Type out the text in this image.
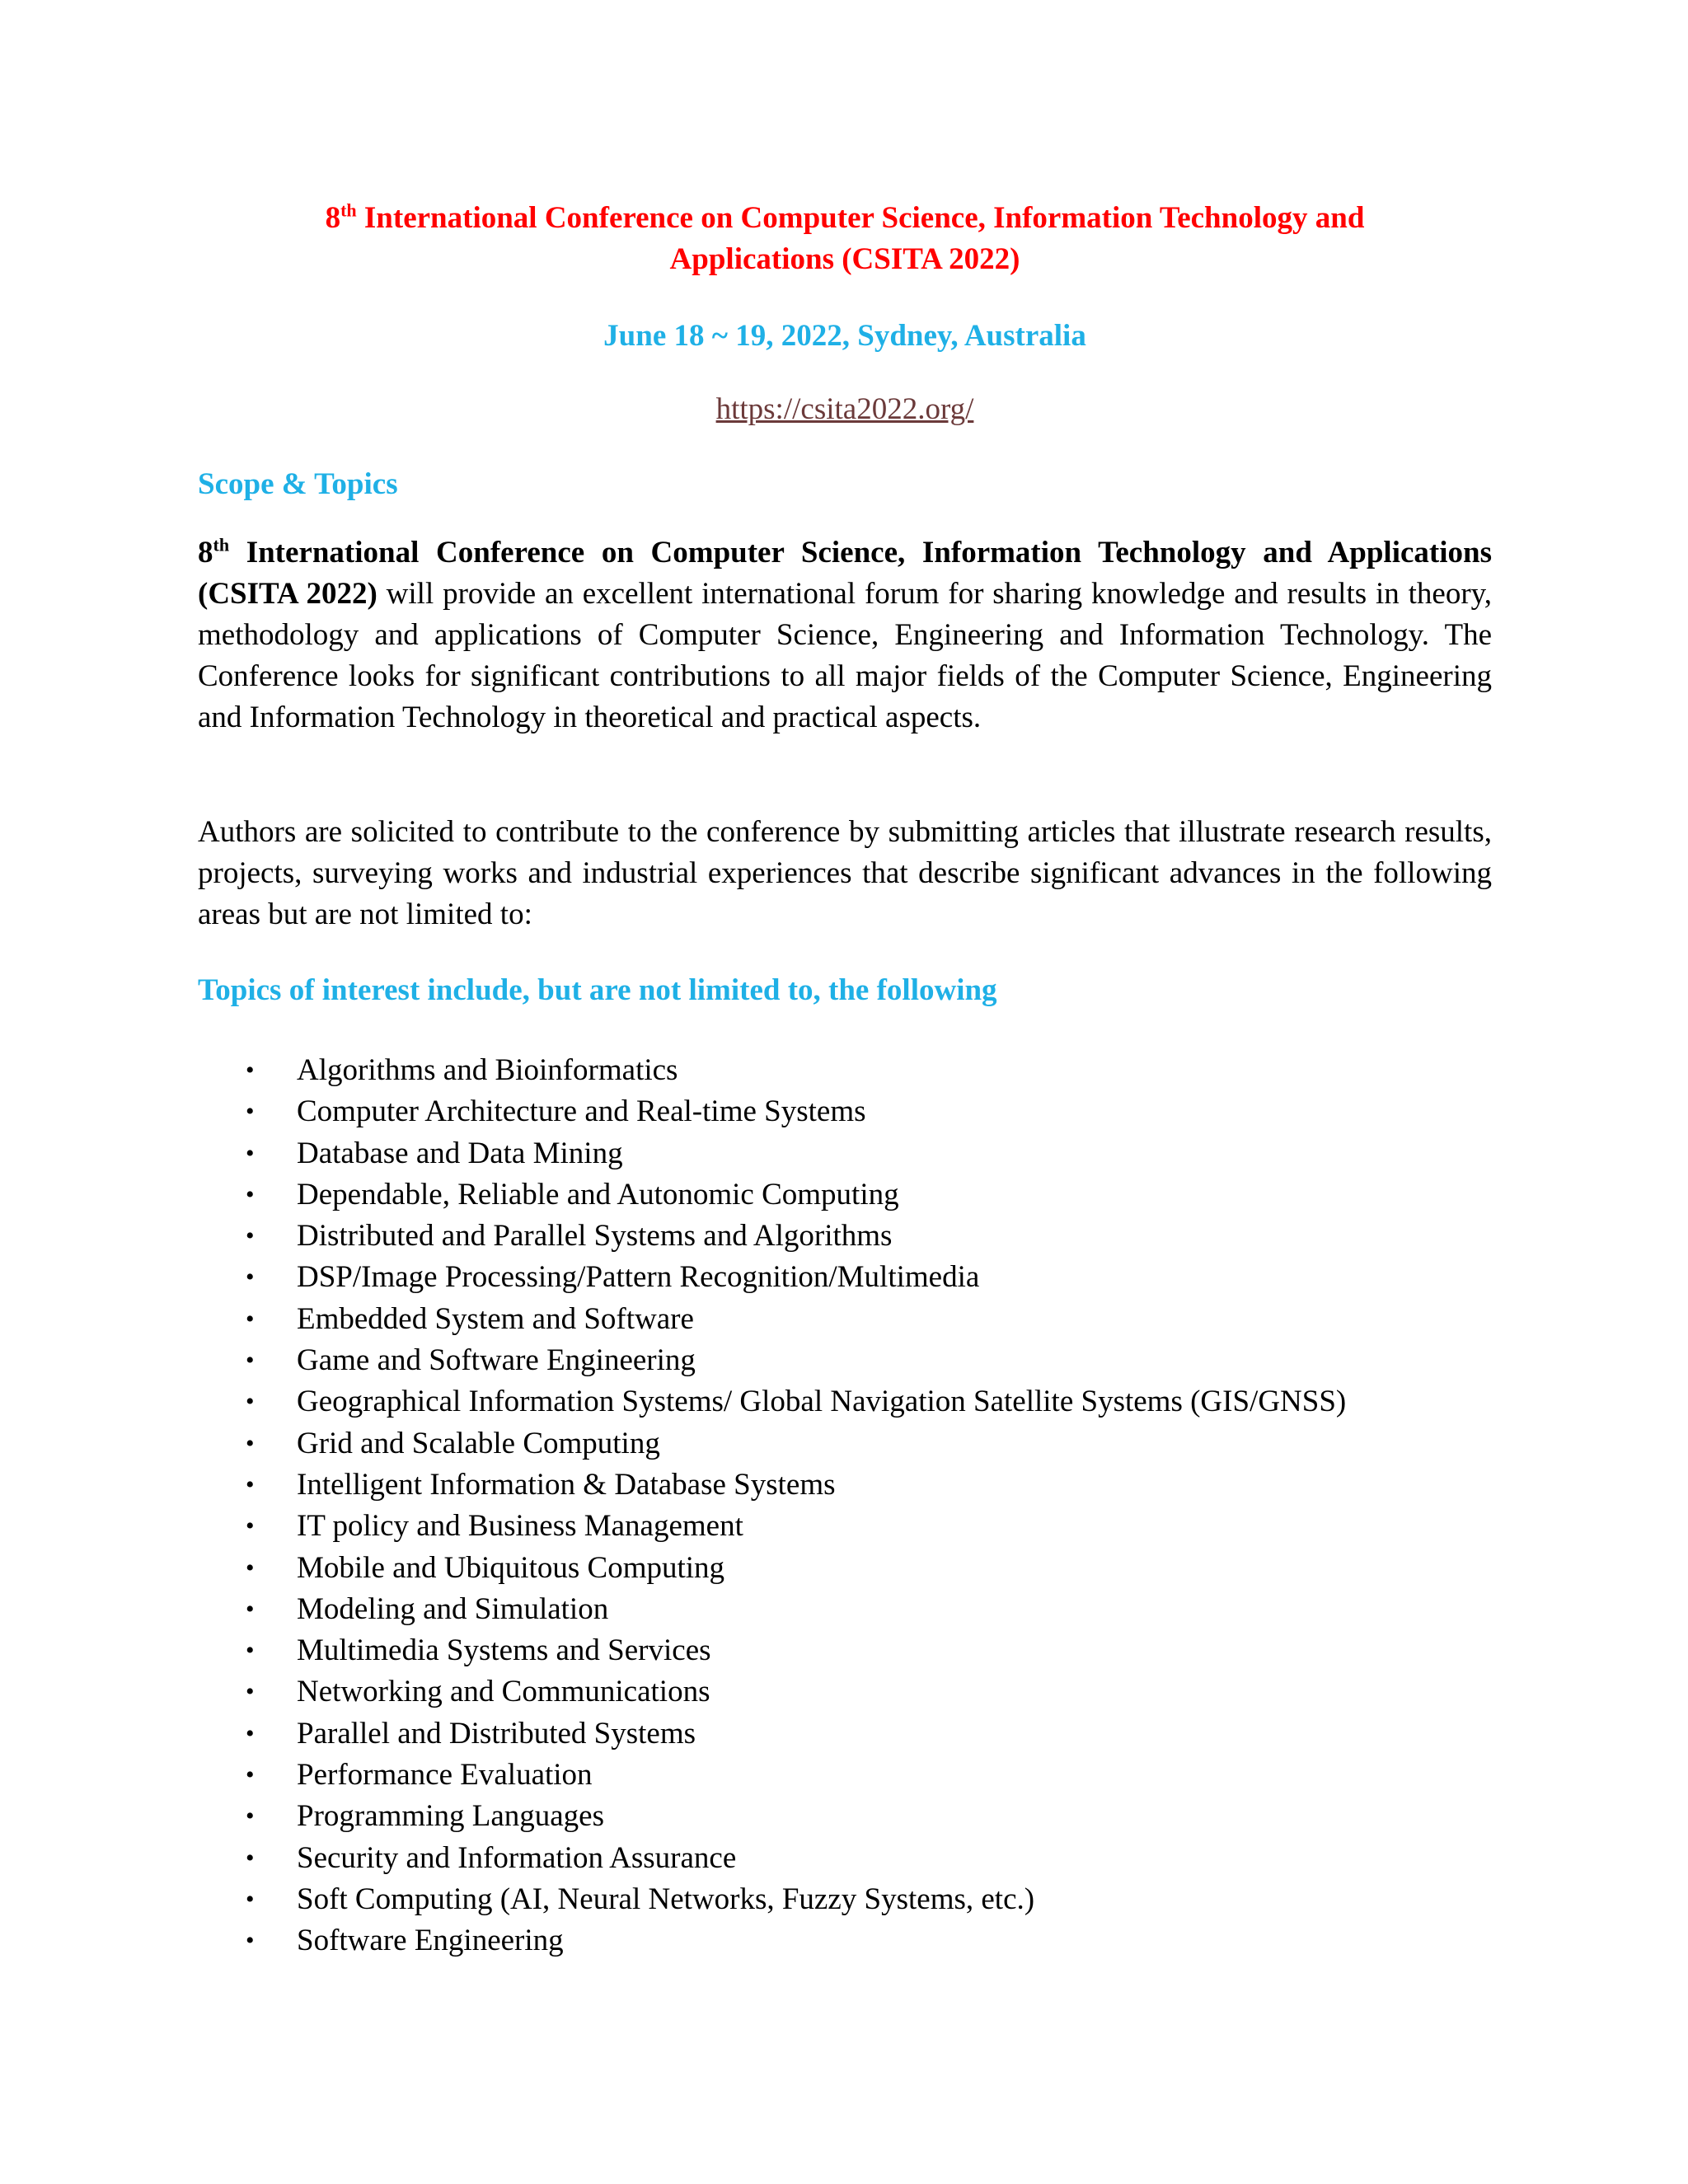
8th International Conference on Computer Science, Information Technology and
Applications (CSITA 2022)
June 18 ~ 19, 2022, Sydney, Australia
https://csita2022.org/
Scope & Topics
8th International Conference on Computer Science, Information Technology and Applications (CSITA 2022) will provide an excellent international forum for sharing knowledge and results in theory, methodology and applications of Computer Science, Engineering and Information Technology. The Conference looks for significant contributions to all major fields of the Computer Science, Engineering and Information Technology in theoretical and practical aspects.
Authors are solicited to contribute to the conference by submitting articles that illustrate research results, projects, surveying works and industrial experiences that describe significant advances in the following areas but are not limited to:
Topics of interest include, but are not limited to, the following
• Algorithms and Bioinformatics
• Computer Architecture and Real-time Systems
• Database and Data Mining
• Dependable, Reliable and Autonomic Computing
• Distributed and Parallel Systems and Algorithms
• DSP/Image Processing/Pattern Recognition/Multimedia
• Embedded System and Software
• Game and Software Engineering
• Geographical Information Systems/ Global Navigation Satellite Systems (GIS/GNSS)
• Grid and Scalable Computing
• Intelligent Information & Database Systems
• IT policy and Business Management
• Mobile and Ubiquitous Computing
• Modeling and Simulation
• Multimedia Systems and Services
• Networking and Communications
• Parallel and Distributed Systems
• Performance Evaluation
• Programming Languages
• Security and Information Assurance
• Soft Computing (AI, Neural Networks, Fuzzy Systems, etc.)
• Software Engineering
